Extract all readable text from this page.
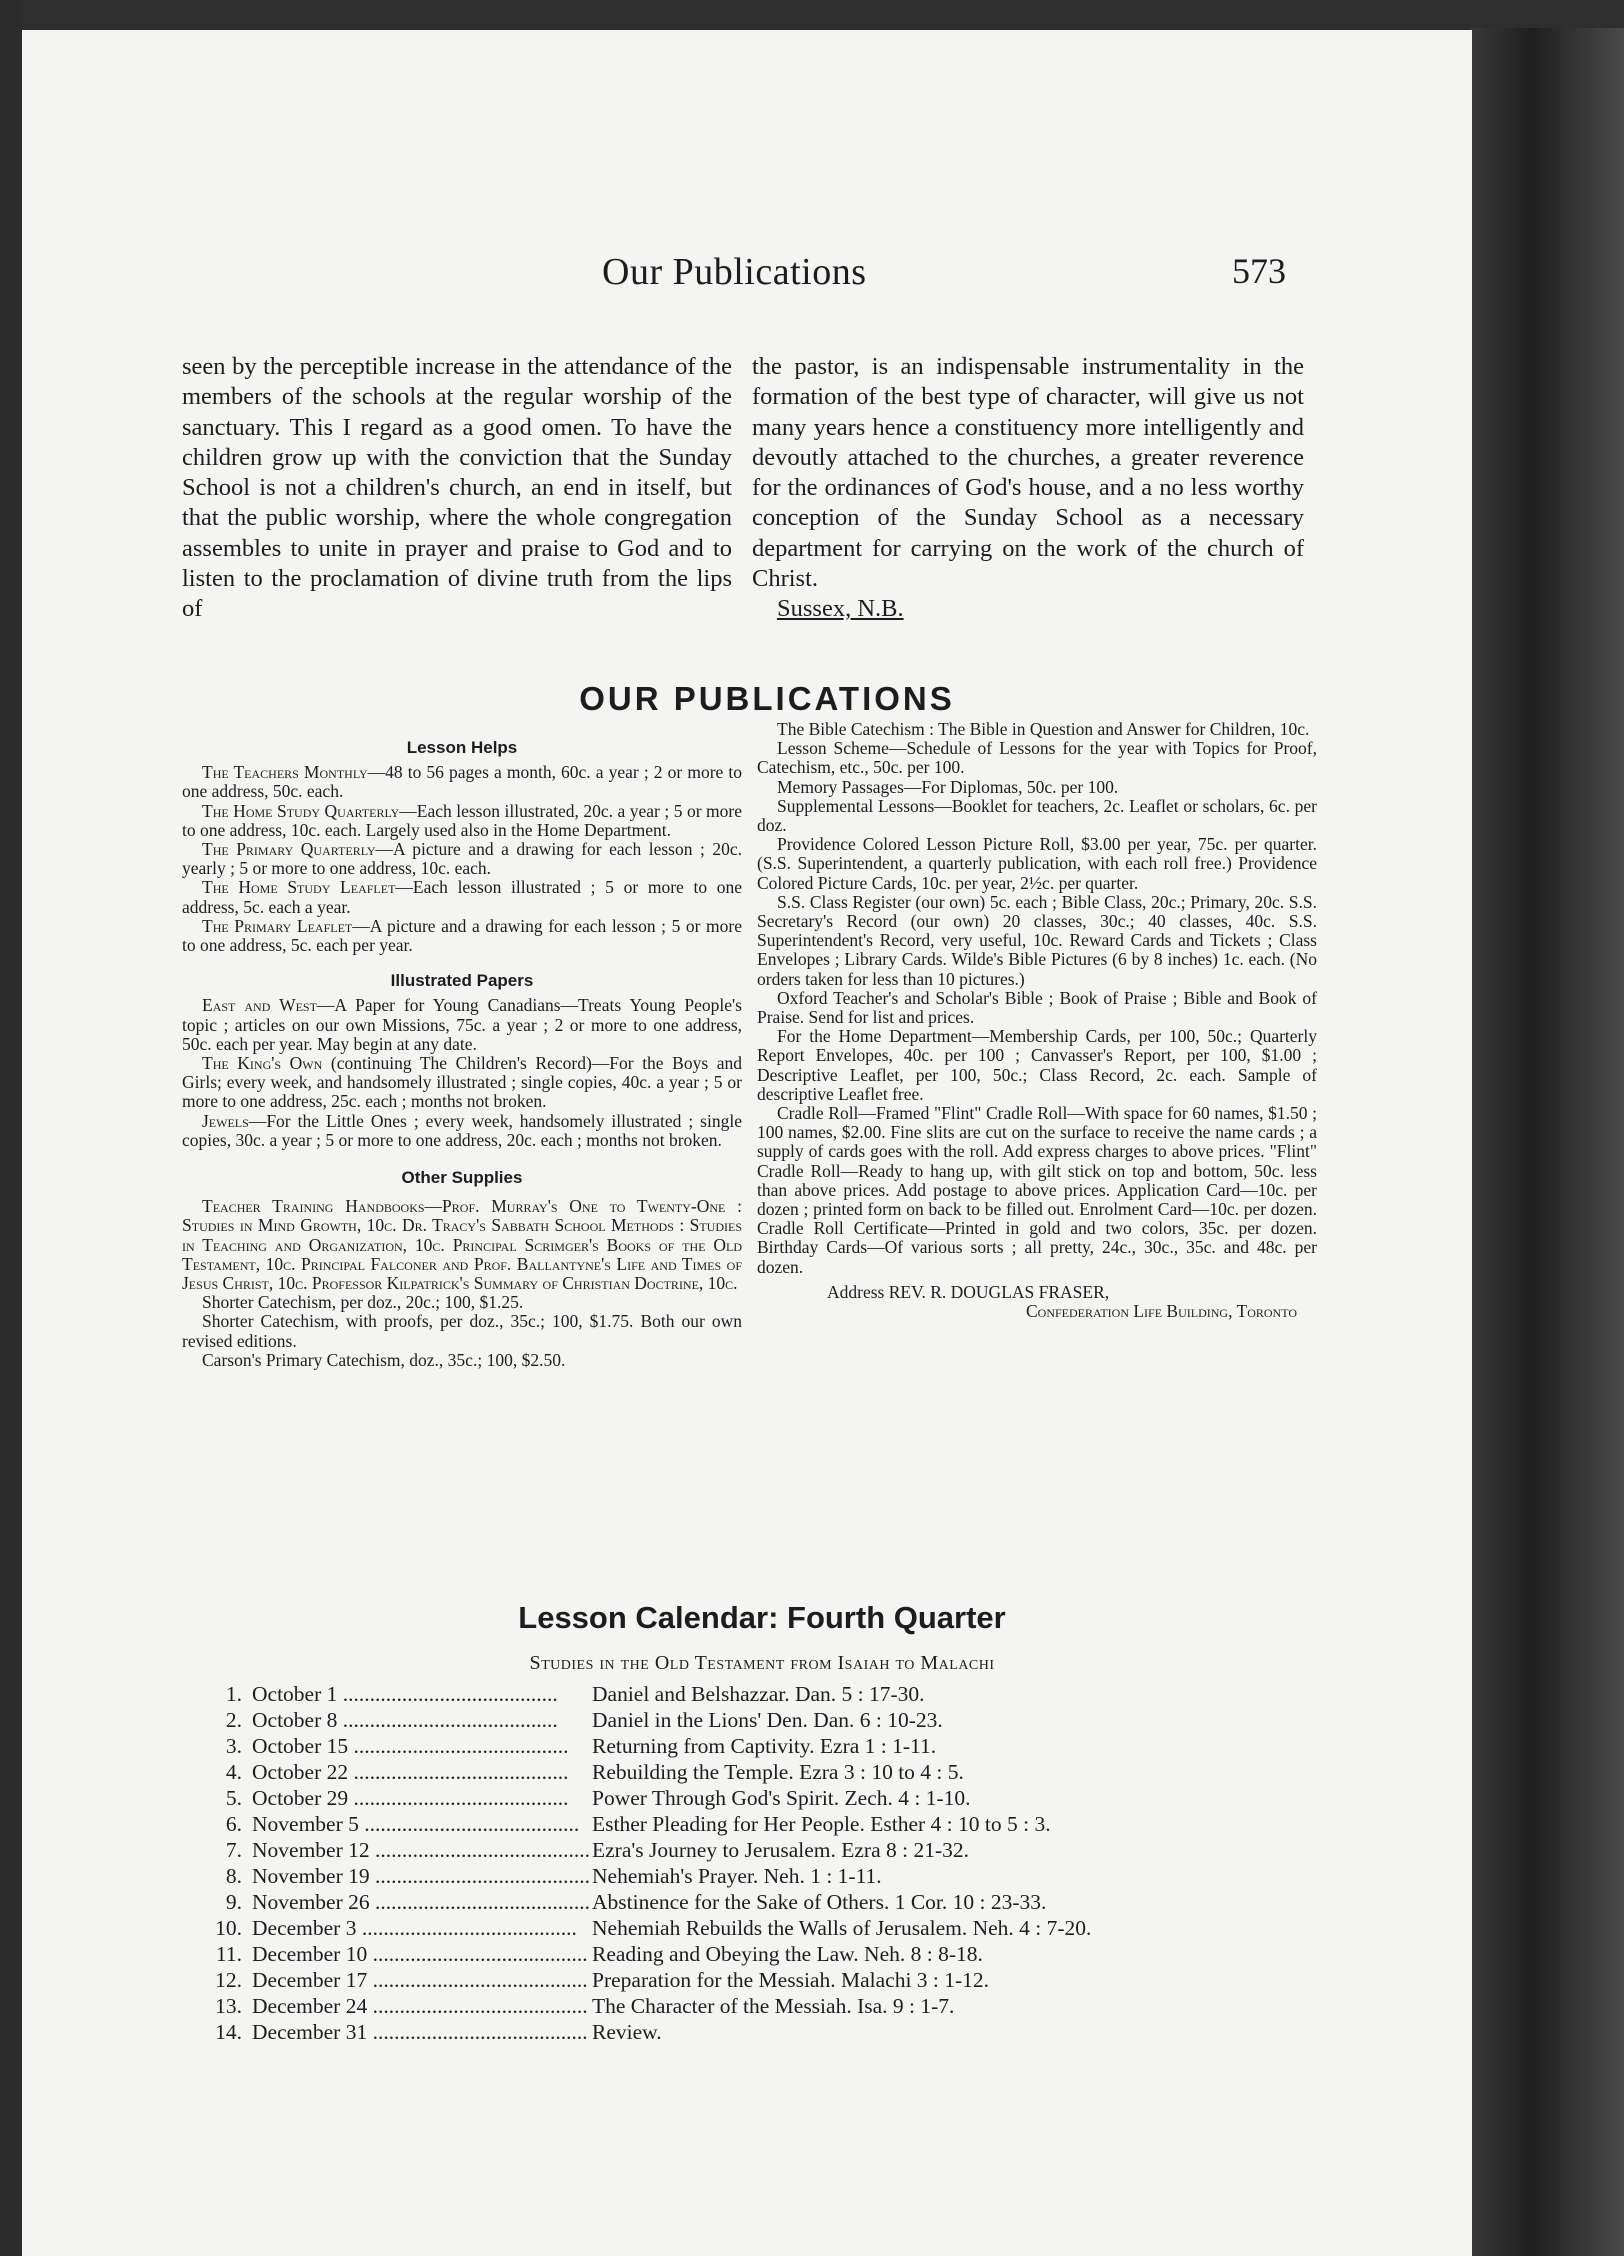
Our Publications	573
seen by the perceptible increase in the attendance of the members of the schools at the regular worship of the sanctuary. This I regard as a good omen. To have the children grow up with the conviction that the Sunday School is not a children's church, an end in itself, but that the public worship, where the whole congregation assembles to unite in prayer and praise to God and to listen to the proclamation of divine truth from the lips of
the pastor, is an indispensable instrumentality in the formation of the best type of character, will give us not many years hence a constituency more intelligently and devoutly attached to the churches, a greater reverence for the ordinances of God's house, and a no less worthy conception of the Sunday School as a necessary department for carrying on the work of the church of Christ.
Sussex, N.B.
OUR PUBLICATIONS
Lesson Helps

The Teachers Monthly—48 to 56 pages a month, 60c. a year ; 2 or more to one address, 50c. each.

The Home Study Quarterly—Each lesson illustrated, 20c. a year ; 5 or more to one address, 10c. each. Largely used also in the Home Department.

The Primary Quarterly—A picture and a drawing for each lesson ; 20c. yearly ; 5 or more to one address, 10c. each.

The Home Study Leaflet—Each lesson illustrated ; 5 or more to one address, 5c. each a year.

The Primary Leaflet—A picture and a drawing for each lesson ; 5 or more to one address, 5c. each per year.

Illustrated Papers

East and West—A Paper for Young Canadians—Treats Young People's topic ; articles on our own Missions, 75c. a year ; 2 or more to one address, 50c. each per year. May begin at any date.

The King's Own (continuing The Children's Record)—For the Boys and Girls; every week, and handsomely illustrated ; single copies, 40c. a year ; 5 or more to one address, 25c. each ; months not broken.

Jewels—For the Little Ones ; every week, handsomely illustrated ; single copies, 30c. a year ; 5 or more to one address, 20c. each ; months not broken.

Other Supplies

Teacher Training Handbooks—Prof. Murray's One to Twenty-One : Studies in Mind Growth, 10c. Dr. Tracy's Sabbath School Methods : Studies in Teaching and Organization, 10c. Principal Scrimger's Books of the Old Testament, 10c. Principal Falconer and Prof. Ballantyne's Life and Times of Jesus Christ, 10c. Professor Kilpatrick's Summary of Christian Doctrine, 10c.

Shorter Catechism, per doz., 20c.; 100, $1.25.

Shorter Catechism, with proofs, per doz., 35c.; 100, $1.75. Both our own revised editions.

Carson's Primary Catechism, doz., 35c.; 100, $2.50.

The Bible Catechism : The Bible in Question and Answer for Children, 10c.

Lesson Scheme—Schedule of Lessons for the year with Topics for Proof, Catechism, etc., 50c. per 100.

Memory Passages—For Diplomas, 50c. per 100.

Supplemental Lessons—Booklet for teachers, 2c. Leaflet or scholars, 6c. per doz.

Providence Colored Lesson Picture Roll, $3.00 per year, 75c. per quarter. (S.S. Superintendent, a quarterly publication, with each roll free.) Providence Colored Picture Cards, 10c. per year, 2½c. per quarter.

S.S. Class Register (our own) 5c. each ; Bible Class, 20c.; Primary, 20c. S.S. Secretary's Record (our own) 20 classes, 30c.; 40 classes, 40c. S.S. Superintendent's Record, very useful, 10c. Reward Cards and Tickets ; Class Envelopes ; Library Cards. Wilde's Bible Pictures (6 by 8 inches) 1c. each. (No orders taken for less than 10 pictures.)

Oxford Teacher's and Scholar's Bible ; Book of Praise ; Bible and Book of Praise. Send for list and prices.

For the Home Department—Membership Cards, per 100, 50c.; Quarterly Report Envelopes, 40c. per 100 ; Canvasser's Report, per 100, $1.00 ; Descriptive Leaflet, per 100, 50c.; Class Record, 2c. each. Sample of descriptive Leaflet free.

Cradle Roll—Framed "Flint" Cradle Roll—With space for 60 names, $1.50 ; 100 names, $2.00. Fine slits are cut on the surface to receive the name cards ; a supply of cards goes with the roll. Add express charges to above prices. "Flint" Cradle Roll—Ready to hang up, with gilt stick on top and bottom, 50c. less than above prices. Add postage to above prices. Application Card—10c. per dozen ; printed form on back to be filled out. Enrolment Card—10c. per dozen. Cradle Roll Certificate—Printed in gold and two colors, 35c. per dozen. Birthday Cards—Of various sorts ; all pretty, 24c., 30c., 35c. and 48c. per dozen.

Address REV. R. DOUGLAS FRASER,
Confederation Life Building, Toronto
Lesson Calendar: Fourth Quarter
Studies in the Old Testament from Isaiah to Malachi
1. October 1 .....	Daniel and Belshazzar. Dan. 5 : 17-30.
2. October 8 .....	Daniel in the Lions' Den. Dan. 6 : 10-23.
3. October 15 .....	Returning from Captivity. Ezra 1 : 1-11.
4. October 22 .....	Rebuilding the Temple. Ezra 3 : 10 to 4 : 5.
5. October 29 .....	Power Through God's Spirit. Zech. 4 : 1-10.
6. November 5 .....	Esther Pleading for Her People. Esther 4 : 10 to 5 : 3.
7. November 12 .....	Ezra's Journey to Jerusalem. Ezra 8 : 21-32.
8. November 19 .....	Nehemiah's Prayer. Neh. 1 : 1-11.
9. November 26 .....	Abstinence for the Sake of Others. 1 Cor. 10 : 23-33.
10. December 3 .....	Nehemiah Rebuilds the Walls of Jerusalem. Neh. 4 : 7-20.
11. December 10 .....	Reading and Obeying the Law. Neh. 8 : 8-18.
12. December 17 .....	Preparation for the Messiah. Malachi 3 : 1-12.
13. December 24 .....	The Character of the Messiah. Isa. 9 : 1-7.
14. December 31 .....	Review.
